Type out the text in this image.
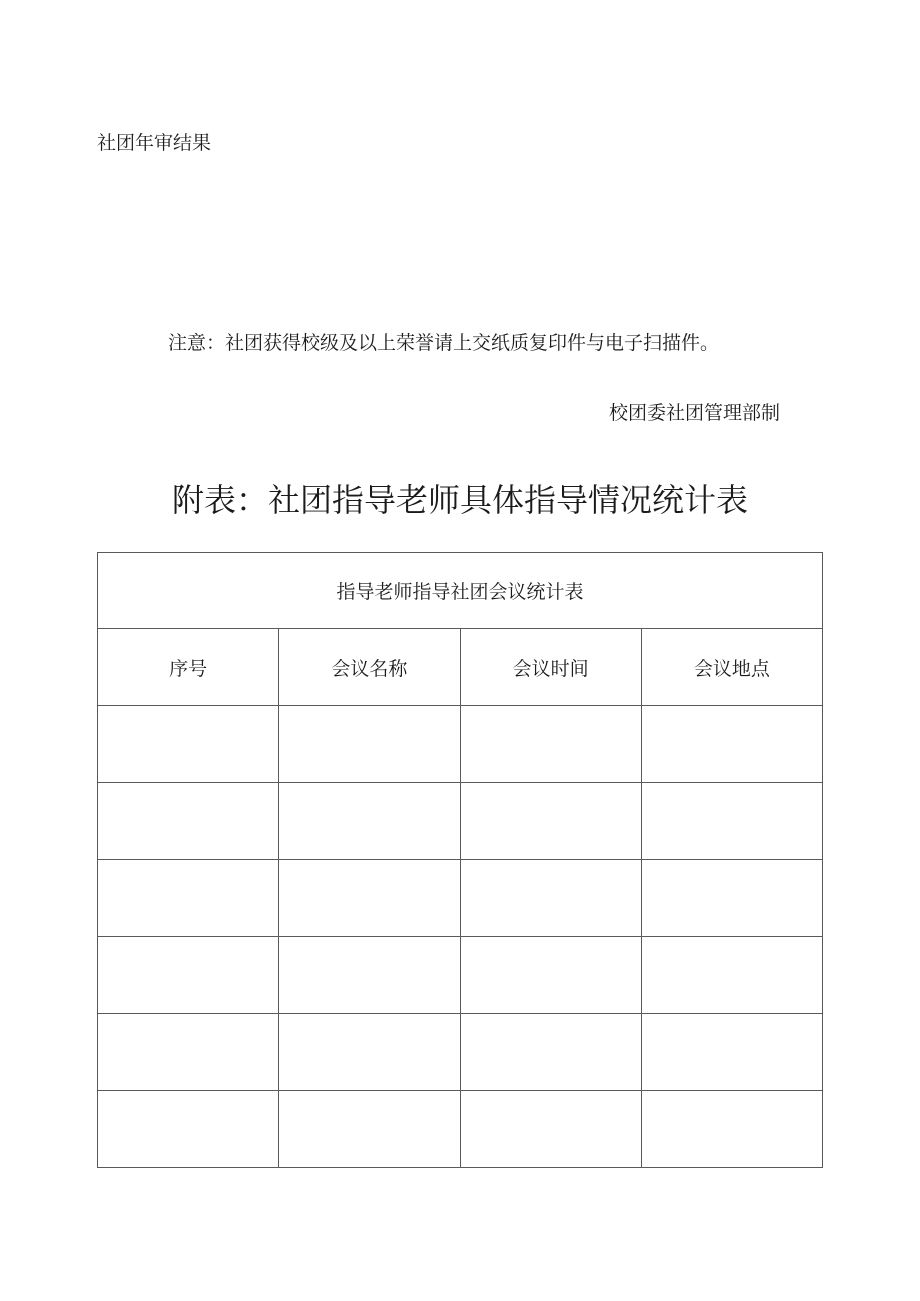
社团年审结果
注意：社团获得校级及以上荣誉请上交纸质复印件与电子扫描件。
校团委社团管理部制
附表：社团指导老师具体指导情况统计表
指导老师指导社团会议统计表			
序号	会议名称	会议时间	会议地点
